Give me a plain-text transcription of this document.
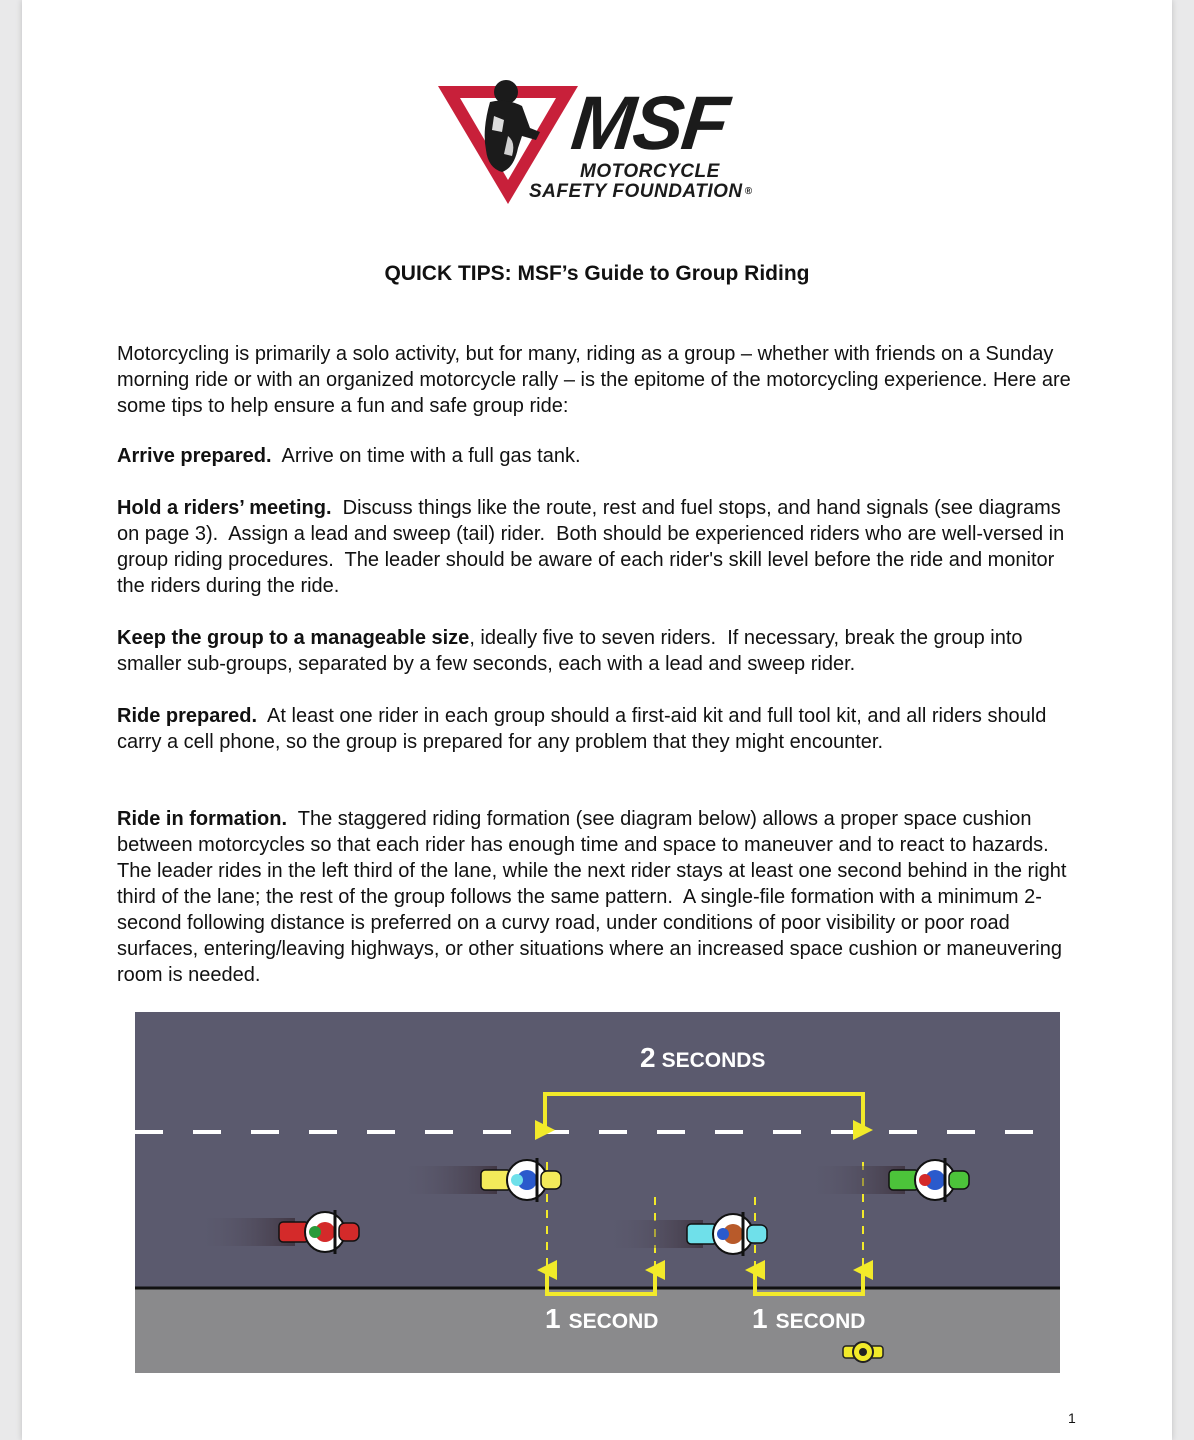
MSF
MOTORCYCLE
SAFETY FOUNDATION ®
QUICK TIPS: MSF’s Guide to Group Riding

Motorcycling is primarily a solo activity, but for many, riding as a group – whether with friends on a Sunday morning ride or with an organized motorcycle rally – is the epitome of the motorcycling experience. Here are some tips to help ensure a fun and safe group ride:

Arrive prepared.  Arrive on time with a full gas tank.

Hold a riders’ meeting.  Discuss things like the route, rest and fuel stops, and hand signals (see diagrams on page 3).  Assign a lead and sweep (tail) rider.  Both should be experienced riders who are well-versed in group riding procedures.  The leader should be aware of each rider's skill level before the ride and monitor the riders during the ride.

Keep the group to a manageable size, ideally five to seven riders.  If necessary, break the group into smaller sub-groups, separated by a few seconds, each with a lead and sweep rider.

Ride prepared.  At least one rider in each group should a first-aid kit and full tool kit, and all riders should carry a cell phone, so the group is prepared for any problem that they might encounter.

Ride in formation.  The staggered riding formation (see diagram below) allows a proper space cushion between motorcycles so that each rider has enough time and space to maneuver and to react to hazards.  The leader rides in the left third of the lane, while the next rider stays at least one second behind in the right third of the lane; the rest of the group follows the same pattern.  A single-file formation with a minimum 2-second following distance is preferred on a curvy road, under conditions of poor visibility or poor road surfaces, entering/leaving highways, or other situations where an increased space cushion or maneuvering room is needed.

2 SECONDS
1 SECOND	1 SECOND
1
